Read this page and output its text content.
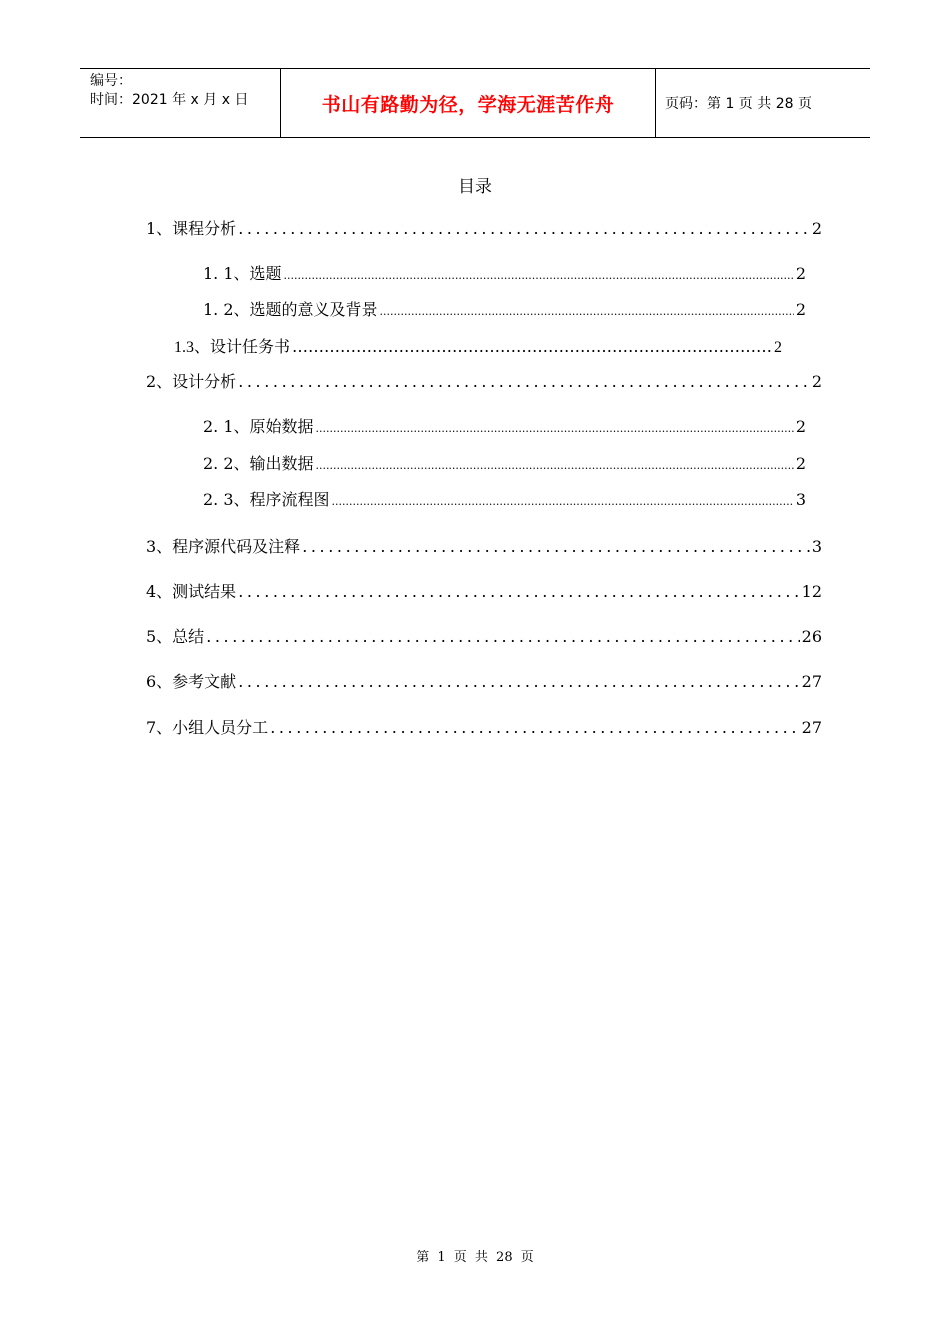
编号：
时间：2021 年 x 月 x 日	书山有路勤为径，学海无涯苦作舟	页码：第 1 页 共 28 页
目录
1、课程分析 .....	2
1. 1、选题 .....	2
1. 2、选题的意义及背景 .....	2
1.3、设计任务书 ……………………………………………………………………………………………………………………………………………	2
2、设计分析 .....	2
2. 1、原始数据 .....	2
2. 2、输出数据 .....	2
2. 3、程序流程图 .....	3
3、程序源代码及注释 .....	3
4、测试结果 .....	12
5、总结 .....	26
6、参考文献 .....	27
7、小组人员分工 .....	27
第 1 页 共 28 页
